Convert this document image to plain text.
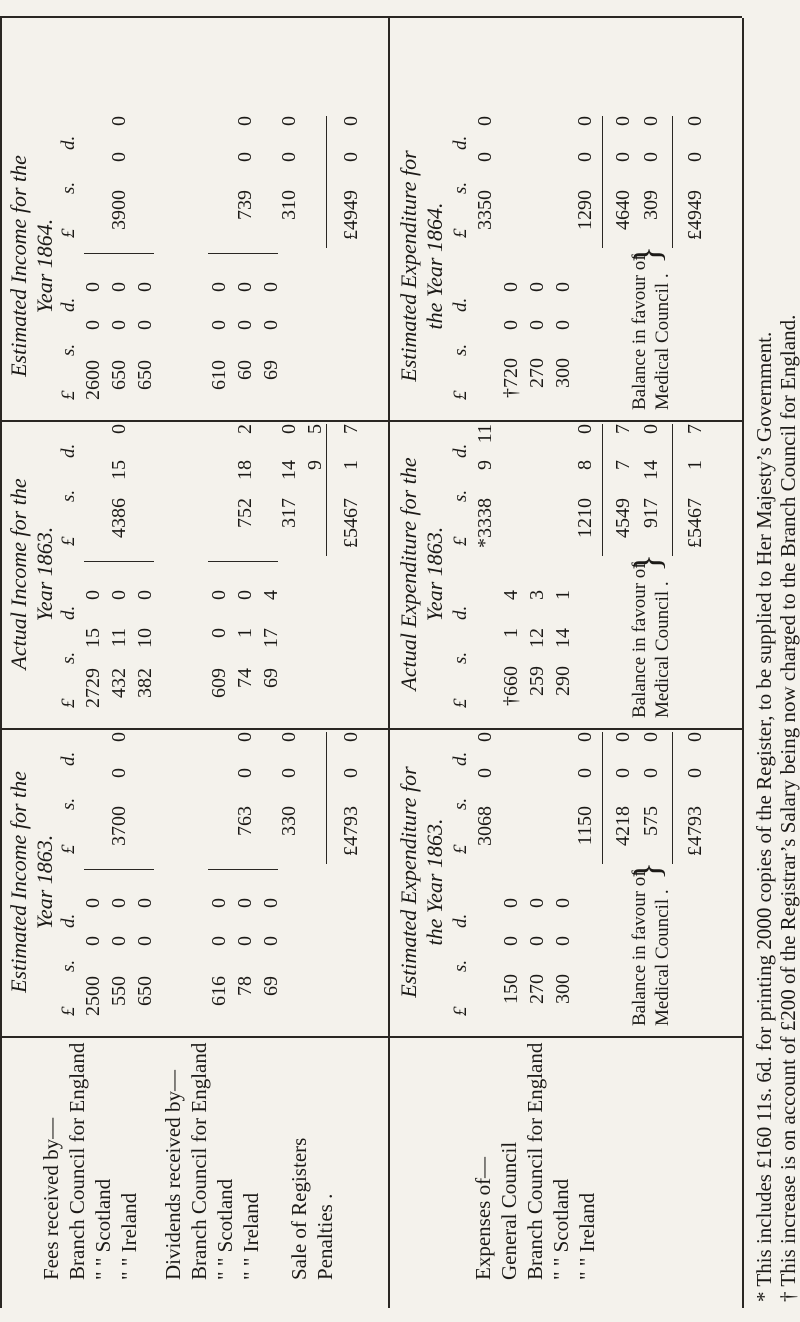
Fees received by— Branch Council for England " " Scotland " " Ireland Dividends received by— Branch Council for England " " Scotland " " Ireland Sale of Registers Penalties .	Expenses of— General Council Branch Council for England " " Scotland " " Ireland
Estimated Income for the Year 1863.
£
£
s.
s.
d.
d.
2500
0
0
550
0
0
650
0
0
616
0
0
78
0
0
69
0
0
3700
0
0
763
0
0
330
0
0
£4793
0
0
Actual Income for the Year 1863.
£
£
s.
s.
d.
d.
2729
15
0
432
11
0
382
10
0
609
0
0
74
1
0
69
17
4
4386
15
0
752
18
2
317
14
0
9
5
£5467
1
7
Estimated Income for the Year 1864.
£
£
s.
s.
d.
d.
2600
0
0
650
0
0
650
0
0
610
0
0
60
0
0
69
0
0
3900
0
0
739
0
0
310
0
0
£4949
0
0
Estimated Expenditure for the Year 1863.
£
£
s.
s.
d.
d.
150
0
0
270
0
0
300
0
0
3068
0
0
1150
0
0
4218
0
0
Balance in favour of Medical Council .
}
575
0
0
£4793
0
0
Actual Expenditure for the Year 1863.
£
£
s.
s.
d.
d.
†660
1
4
259
12
3
290
14
1
*3338
9
11
1210
8
0
4549
7
7
Balance in favour of Medical Council .
}
917
14
0
£5467
1
7
Estimated Expenditure for the Year 1864.
£
£
s.
s.
d.
d.
†720
0
0
270
0
0
300
0
0
3350
0
0
1290
0
0
4640
0
0
Balance in favour of Medical Council .
}
309
0
0
£4949
0
0
* This includes £160 11s. 6d. for printing 2000 copies of the Register, to be supplied to Her Majesty’s Government. † This increase is on account of £200 of the Registrar’s Salary being now charged to the Branch Council for England.
